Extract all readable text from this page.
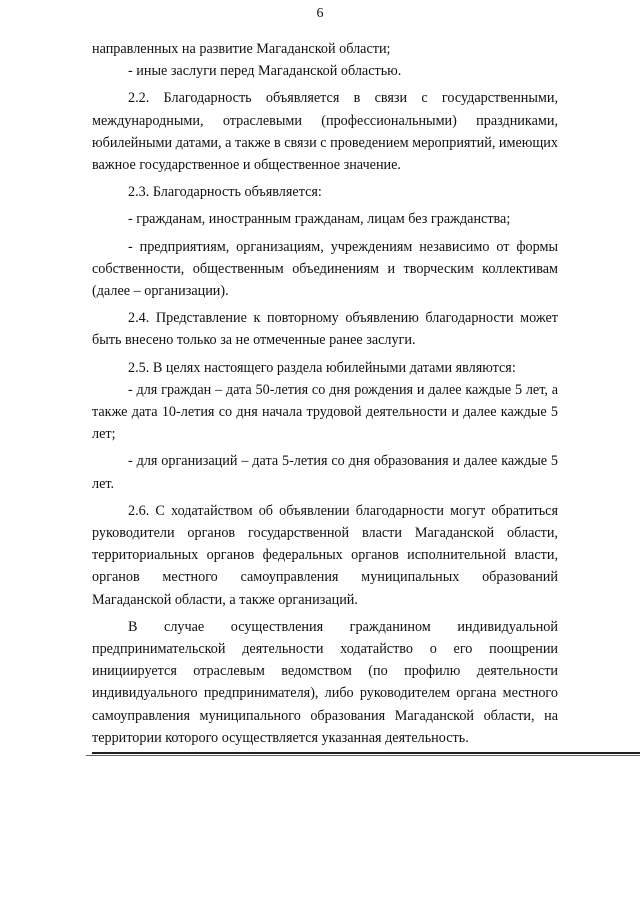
6

направленных на развитие Магаданской области;

- иные заслуги перед Магаданской областью.

2.2. Благодарность объявляется в связи с государственными, международными, отраслевыми (профессиональными) праздниками, юбилейными датами, а также в связи с проведением мероприятий, имеющих важное государственное и общественное значение.

2.3. Благодарность объявляется:

- гражданам, иностранным гражданам, лицам без гражданства;

- предприятиям, организациям, учреждениям независимо от формы собственности, общественным объединениям и творческим коллективам (далее – организации).

2.4. Представление к повторному объявлению благодарности может быть внесено только за не отмеченные ранее заслуги.

2.5. В целях настоящего раздела юбилейными датами являются:

- для граждан – дата 50-летия со дня рождения и далее каждые 5 лет, а также дата 10-летия со дня начала трудовой деятельности и далее каждые 5 лет;

- для организаций – дата 5-летия со дня образования и далее каждые 5 лет.

2.6. С ходатайством об объявлении благодарности могут обратиться руководители органов государственной власти Магаданской области, территориальных органов федеральных органов исполнительной власти, органов местного самоуправления муниципальных образований Магаданской области, а также организаций.

В случае осуществления гражданином индивидуальной предпринимательской деятельности ходатайство о его поощрении инициируется отраслевым ведомством (по профилю деятельности индивидуального предпринимателя), либо руководителем органа местного самоуправления муниципального образования Магаданской области, на территории которого осуществляется указанная деятельность.
